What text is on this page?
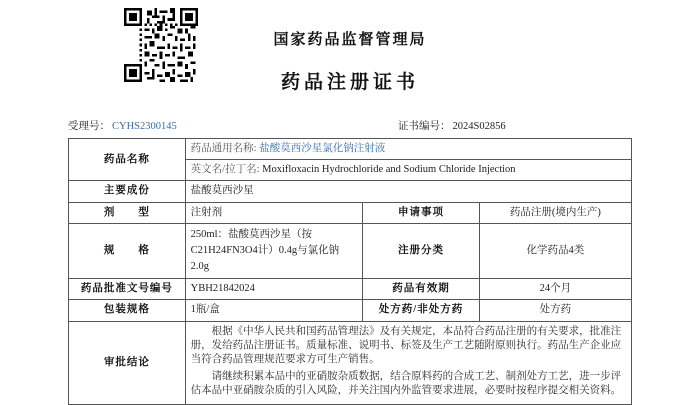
国家药品监督管理局
药品注册证书
受理号： CYHS2300145	证书编号： 2024S02856
药品名称	药品通用名称: 盐酸莫西沙星氯化钠注射液		
	英文名/拉丁名: Moxifloxacin Hydrochloride and Sodium Chloride Injection		
主要成份	盐酸莫西沙星		
剂　　型	注射剂	申请事项	药品注册(境内生产)
规　　格	250ml：盐酸莫西沙星（按
C21H24FN3O4计）0.4g与氯化钠
2.0g	注册分类	化学药品4类
药品批准文号编号	YBH21842024	药品有效期	24个月
包装规格	1瓶/盒	处方药/非处方药	处方药
审批结论	根据《中华人民共和国药品管理法》及有关规定，本品符合药品注册的有关要求，批准注册，发给药品注册证书。质量标准、说明书、标签及生产工艺随附原则执行。药品生产企业应当符合药品管理规范要求方可生产销售。

请继续积累本品中的亚硝胺杂质数据，结合原料药的合成工艺、制剂处方工艺，进一步评估本品中亚硝胺杂质的引入风险，并关注国内外监管要求进展，必要时按程序提交相关资料。		
